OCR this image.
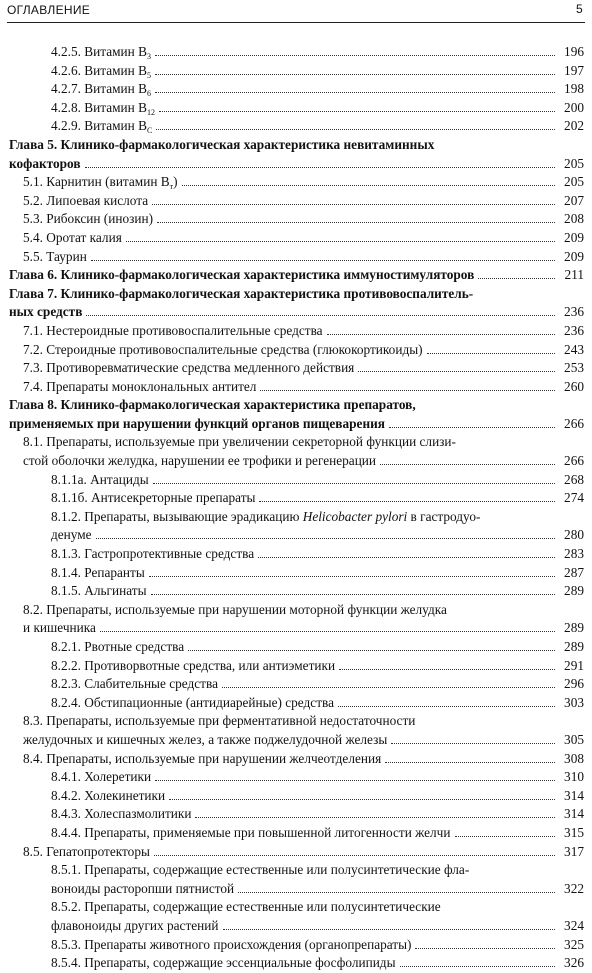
ОГЛАВЛЕНИЕ	5
4.2.5. Витамин $В_3$	196
4.2.6. Витамин $В_5$	197
4.2.7. Витамин $В_6$	198
4.2.8. Витамин $В_{12}$	200
4.2.9. Витамин $В_С$	202
Глава 5. Клинико-фармакологическая характеристика невитаминных
кофакторов	205
5.1. Карнитин (витамин $В_т$)	205
5.2. Липоевая кислота	207
5.3. Рибоксин (инозин)	208
5.4. Оротат калия	209
5.5. Таурин	209
Глава 6. Клинико-фармакологическая характеристика иммуностимуляторов	211
Глава 7. Клинико-фармакологическая характеристика противовоспалитель-
ных средств	236
7.1. Нестероидные противовоспалительные средства	236
7.2. Стероидные противовоспалительные средства (глюкокортикоиды)	243
7.3. Противоревматические средства медленного действия	253
7.4. Препараты моноклональных антител	260
Глава 8. Клинико-фармакологическая характеристика препаратов,
применяемых при нарушении функций органов пищеварения	266
8.1. Препараты, используемые при увеличении секреторной функции слизи-
стой оболочки желудка, нарушении ее трофики и регенерации	266
8.1.1а. Антациды	268
8.1.1б. Антисекреторные препараты	274
8.1.2. Препараты, вызывающие эрадикацию Helicobacter pylori в гастродуо-
денуме	280
8.1.3. Гастропротективные средства	283
8.1.4. Репаранты	287
8.1.5. Альгинаты	289
8.2. Препараты, используемые при нарушении моторной функции желудка
и кишечника	289
8.2.1. Рвотные средства	289
8.2.2. Противорвотные средства, или антиэметики	291
8.2.3. Слабительные средства	296
8.2.4. Обстипационные (антидиарейные) средства	303
8.3. Препараты, используемые при ферментативной недостаточности
желудочных и кишечных желез, а также поджелудочной железы	305
8.4. Препараты, используемые при нарушении желчеотделения	308
8.4.1. Холеретики	310
8.4.2. Холекинетики	314
8.4.3. Холеспазмолитики	314
8.4.4. Препараты, применяемые при повышенной литогенности желчи	315
8.5. Гепатопротекторы	317
8.5.1. Препараты, содержащие естественные или полусинтетические фла-
воноиды расторопши пятнистой	322
8.5.2. Препараты, содержащие естественные или полусинтетические
флавоноиды других растений	324
8.5.3. Препараты животного происхождения (органопрепараты)	325
8.5.4. Препараты, содержащие эссенциальные фосфолипиды	326
